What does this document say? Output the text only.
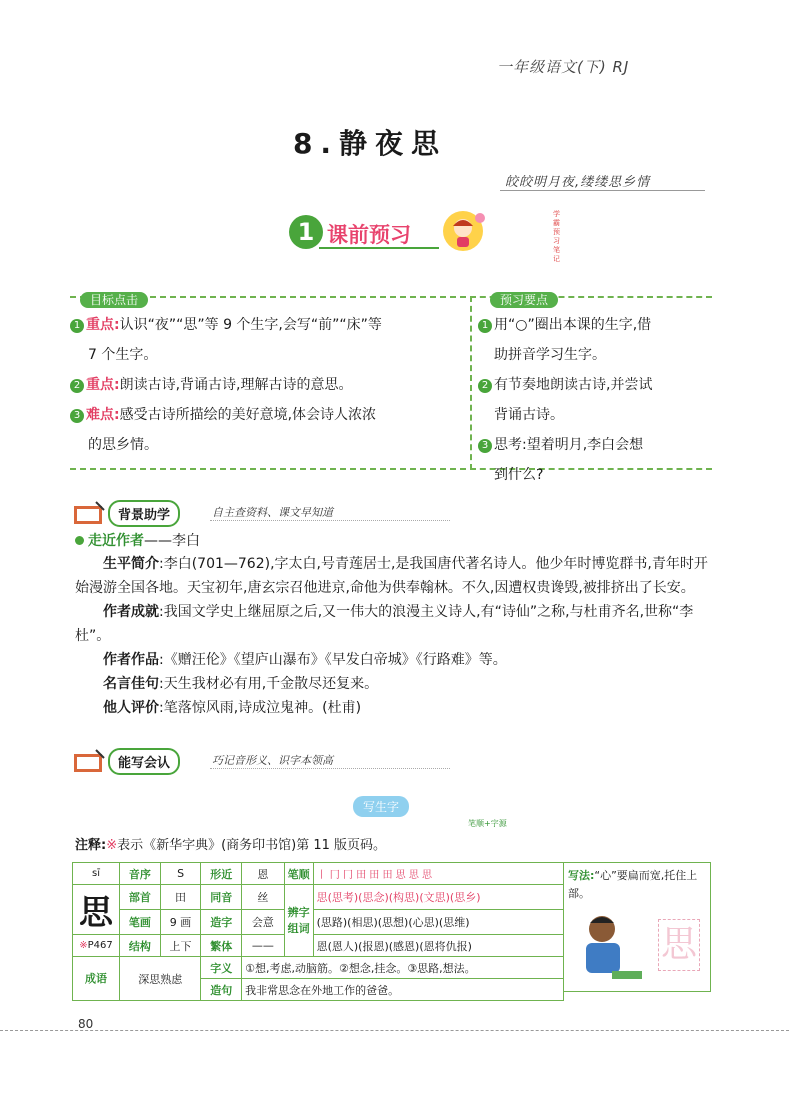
一年级语文(下) RJ
8.静夜思
皎皎明月夜,缕缕思乡情
学霸预习笔记
1 课前预习
目标点击
1 重点:认识“夜”“思”等 9 个生字,会写“前”“床”等
7 个生字。
2 重点:朗读古诗,背诵古诗,理解古诗的意思。
3 难点:感受古诗所描绘的美好意境,体会诗人浓浓
的思乡情。
预习要点
1 用“○”圈出本课的生字,借
助拼音学习生字。
2 有节奏地朗读古诗,并尝试
背诵古诗。
3 思考:望着明月,李白会想
到什么?
背景助学	自主查资料、课文早知道
走近作者——李白

生平简介:李白(701—762),字太白,号青莲居士,是我国唐代著名诗人。他少年时博览群书,青年时开始漫游全国各地。天宝初年,唐玄宗召他进京,命他为供奉翰林。不久,因遭权贵谗毁,被排挤出了长安。

作者成就:我国文学史上继屈原之后,又一伟大的浪漫主义诗人,有“诗仙”之称,与杜甫齐名,世称“李杜”。

作者作品:《赠汪伦》《望庐山瀑布》《早发白帝城》《行路难》等。

名言佳句:天生我材必有用,千金散尽还复来。

他人评价:笔落惊风雨,诗成泣鬼神。(杜甫)

能写会认	巧记音形义、识字本领高
写生字
笔顺+字源
注释:※表示《新华字典》(商务印书馆)第 11 版页码。
sī	音序	S	形近	恩	笔顺	丨 冂 冂 田 田 田 思 思 思
思	部首	田	同音	丝	辨字组词	思(思考)(思念)(构思)(文思)(思乡)
	笔画	9 画	造字	会意		(思路)(相思)(思想)(心思)(思维)
※P467	结构	上下	繁体	——		恩(恩人)(报恩)(感恩)(恩将仇报)
成语	深思熟虑		字义	①想,考虑,动脑筋。②想念,挂念。③思路,想法。		
			造句	我非常思念在外地工作的爸爸。		
写法:“心”要扁而宽,托住上部。
思
80
